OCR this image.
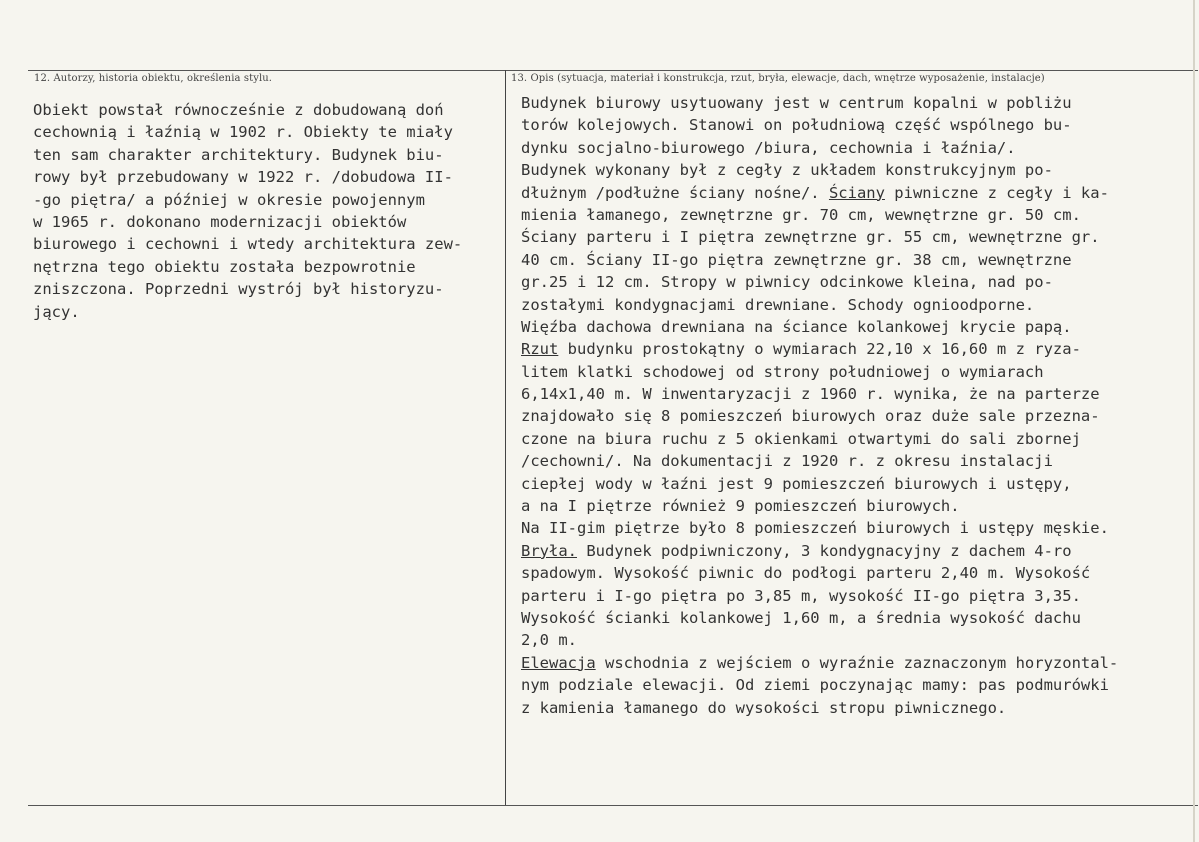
12. Autorzy, historia obiektu, określenia stylu.	13. Opis (sytuacja, materiał i konstrukcja, rzut, bryła, elewacje, dach, wnętrze wyposażenie, instalacje)
Obiekt powstał równocześnie z dobudowaną doń
cechownią i łaźnią w 1902 r. Obiekty te miały
ten sam charakter architektury. Budynek biu-
rowy był przebudowany w 1922 r. /dobudowa II-
-go piętra/ a później w okresie powojennym
w 1965 r. dokonano modernizacji obiektów
biurowego i cechowni i wtedy architektura zew-
nętrzna tego obiektu została bezpowrotnie
zniszczona. Poprzedni wystrój był historyzu-
jący.
Budynek biurowy usytuowany jest w centrum kopalni w pobliżu
torów kolejowych. Stanowi on południową część wspólnego bu-
dynku socjalno-biurowego /biura, cechownia i łaźnia/.
Budynek wykonany był z cegły z układem konstrukcyjnym po-
dłużnym /podłużne ściany nośne/. Ściany piwniczne z cegły i ka-
mienia łamanego, zewnętrzne gr. 70 cm, wewnętrzne gr. 50 cm.
Ściany parteru i I piętra zewnętrzne gr. 55 cm, wewnętrzne gr.
40 cm. Ściany II-go piętra zewnętrzne gr. 38 cm, wewnętrzne
gr.25 i 12 cm. Stropy w piwnicy odcinkowe kleina, nad po-
zostałymi kondygnacjami drewniane. Schody ognioodporne.
Więźba dachowa drewniana na ściance kolankowej krycie papą.
Rzut budynku prostokątny o wymiarach 22,10 x 16,60 m z ryza-
litem klatki schodowej od strony południowej o wymiarach
6,14x1,40 m. W inwentaryzacji z 1960 r. wynika, że na parterze
znajdowało się 8 pomieszczeń biurowych oraz duże sale przezna-
czone na biura ruchu z 5 okienkami otwartymi do sali zbornej
/cechowni/. Na dokumentacji z 1920 r. z okresu instalacji
ciepłej wody w łaźni jest 9 pomieszczeń biurowych i ustępy,
a na I piętrze również 9 pomieszczeń biurowych.
Na II-gim piętrze było 8 pomieszczeń biurowych i ustępy męskie.
Bryła. Budynek podpiwniczony, 3 kondygnacyjny z dachem 4-ro
spadowym. Wysokość piwnic do podłogi parteru 2,40 m. Wysokość
parteru i I-go piętra po 3,85 m, wysokość II-go piętra 3,35.
Wysokość ścianki kolankowej 1,60 m, a średnia wysokość dachu
2,0 m.
Elewacja wschodnia z wejściem o wyraźnie zaznaczonym horyzontal-
nym podziale elewacji. Od ziemi poczynając mamy: pas podmurówki
z kamienia łamanego do wysokości stropu piwnicznego.
